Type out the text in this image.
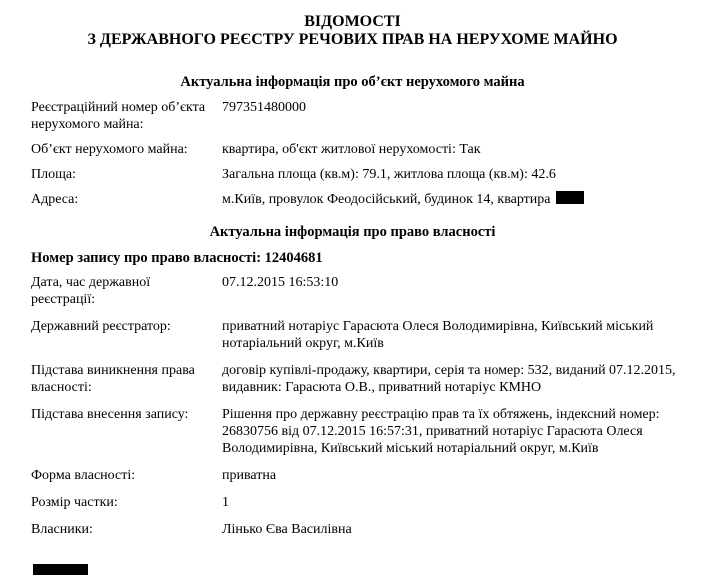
ВІДОМОСТІ
З ДЕРЖАВНОГО РЕЄСТРУ РЕЧОВИХ ПРАВ НА НЕРУХОМЕ МАЙНО
Актуальна інформація про об’єкт нерухомого майна
Реєстраційний номер об’єкта нерухомого майна:
797351480000
Об’єкт нерухомого майна:	квартира, об'єкт житлової нерухомості: Так
Площа:	Загальна площа (кв.м): 79.1, житлова площа (кв.м): 42.6
Адреса:	м.Київ, провулок Феодосійський, будинок 14, квартира
Актуальна інформація про право власності
Номер запису про право власності: 12404681
Дата, час державної реєстрації:
07.12.2015 16:53:10
Державний реєстратор:	приватний нотаріус Гарасюта Олеся Володимирівна, Київський міський нотаріальний округ, м.Київ
Підстава виникнення права власності:
договір купівлі-продажу, квартири, серія та номер: 532, виданий 07.12.2015, видавник: Гарасюта О.В., приватний нотаріус КМНО
Підстава внесення запису:	Рішення про державну реєстрацію прав та їх обтяжень, індексний номер: 26830756 від 07.12.2015 16:57:31, приватний нотаріус Гарасюта Олеся Володимирівна, Київський міський нотаріальний округ, м.Київ
Форма власності:	приватна
Розмір частки:	1
Власники:	Лінько Єва Василівна
